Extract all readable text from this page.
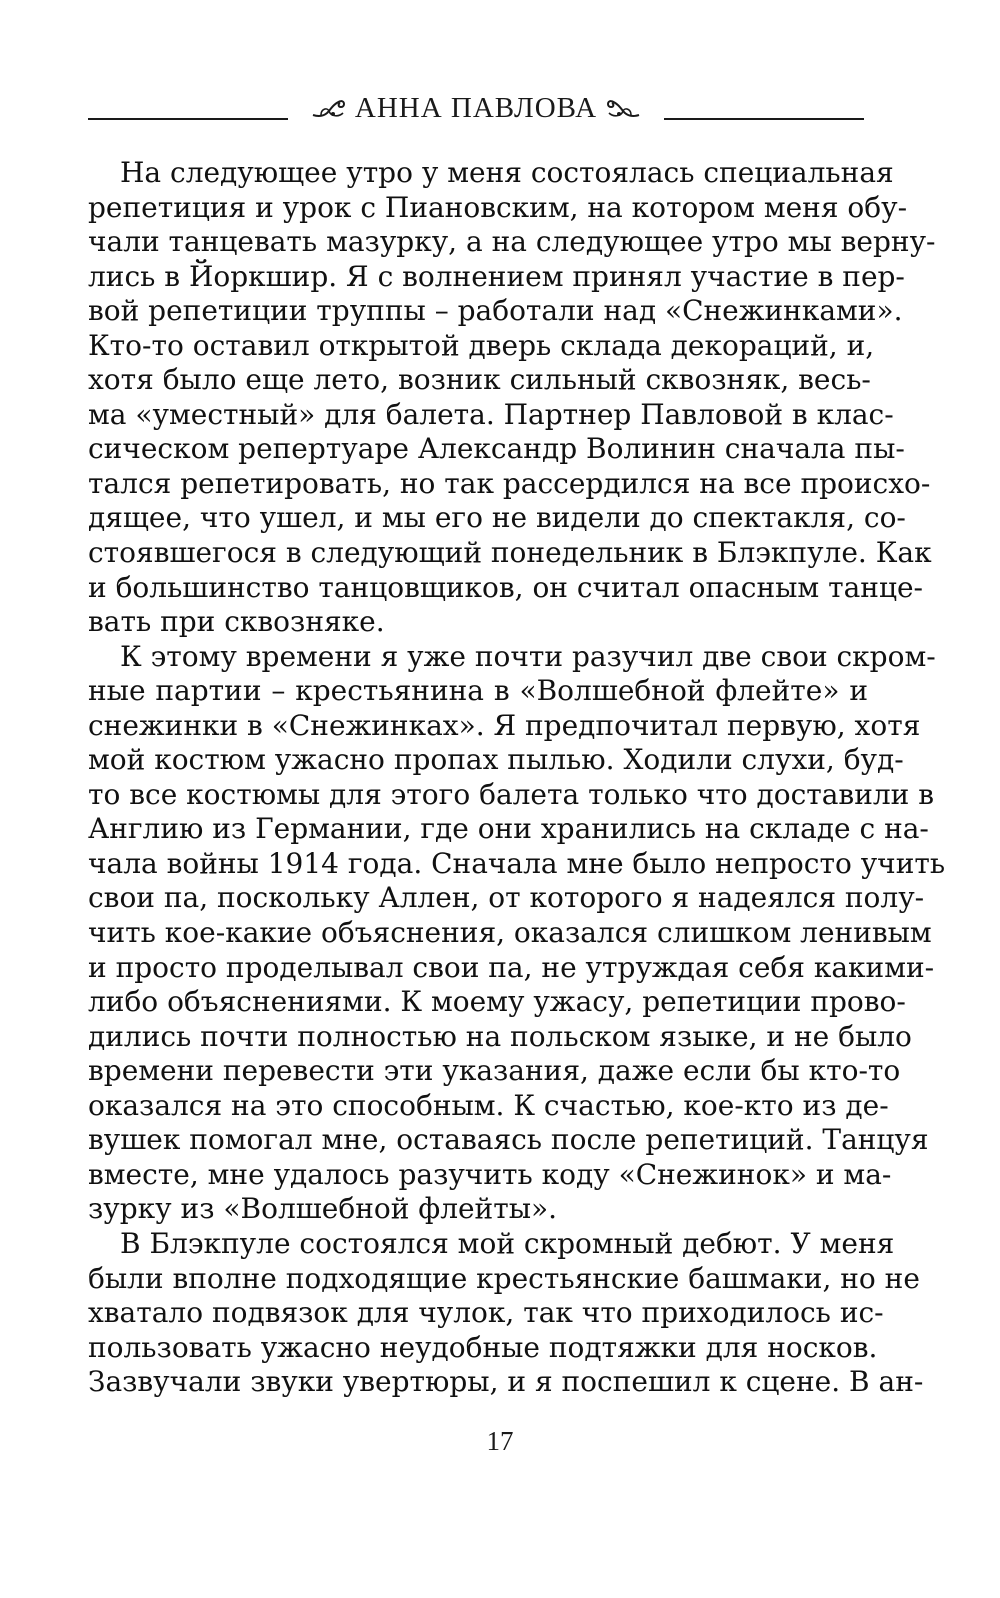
АННА ПАВЛОВА
На следующее утро у меня состоялась специальная
репетиция и урок с Пиановским, на котором меня обу-
чали танцевать мазурку, а на следующее утро мы верну-
лись в Йоркшир. Я с волнением принял участие в пер-
вой репетиции труппы – работали над «Снежинками».
Кто-то оставил открытой дверь склада декораций, и,
хотя было еще лето, возник сильный сквозняк, весь-
ма «уместный» для балета. Партнер Павловой в клас-
сическом репертуаре Александр Волинин сначала пы-
тался репетировать, но так рассердился на все происхо-
дящее, что ушел, и мы его не видели до спектакля, со-
стоявшегося в следующий понедельник в Блэкпуле. Как
и большинство танцовщиков, он считал опасным танце-
вать при сквозняке.
К этому времени я уже почти разучил две свои скром-
ные партии – крестьянина в «Волшебной флейте» и
снежинки в «Снежинках». Я предпочитал первую, хотя
мой костюм ужасно пропах пылью. Ходили слухи, буд-
то все костюмы для этого балета только что доставили в
Англию из Германии, где они хранились на складе с на-
чала войны 1914 года. Сначала мне было непросто учить
свои па, поскольку Аллен, от которого я надеялся полу-
чить кое-какие объяснения, оказался слишком ленивым
и просто проделывал свои па, не утруждая себя какими-
либо объяснениями. К моему ужасу, репетиции прово-
дились почти полностью на польском языке, и не было
времени перевести эти указания, даже если бы кто-то
оказался на это способным. К счастью, кое-кто из де-
вушек помогал мне, оставаясь после репетиций. Танцуя
вместе, мне удалось разучить коду «Снежинок» и ма-
зурку из «Волшебной флейты».
В Блэкпуле состоялся мой скромный дебют. У меня
были вполне подходящие крестьянские башмаки, но не
хватало подвязок для чулок, так что приходилось ис-
пользовать ужасно неудобные подтяжки для носков.
Зазвучали звуки увертюры, и я поспешил к сцене. В ан-
17
